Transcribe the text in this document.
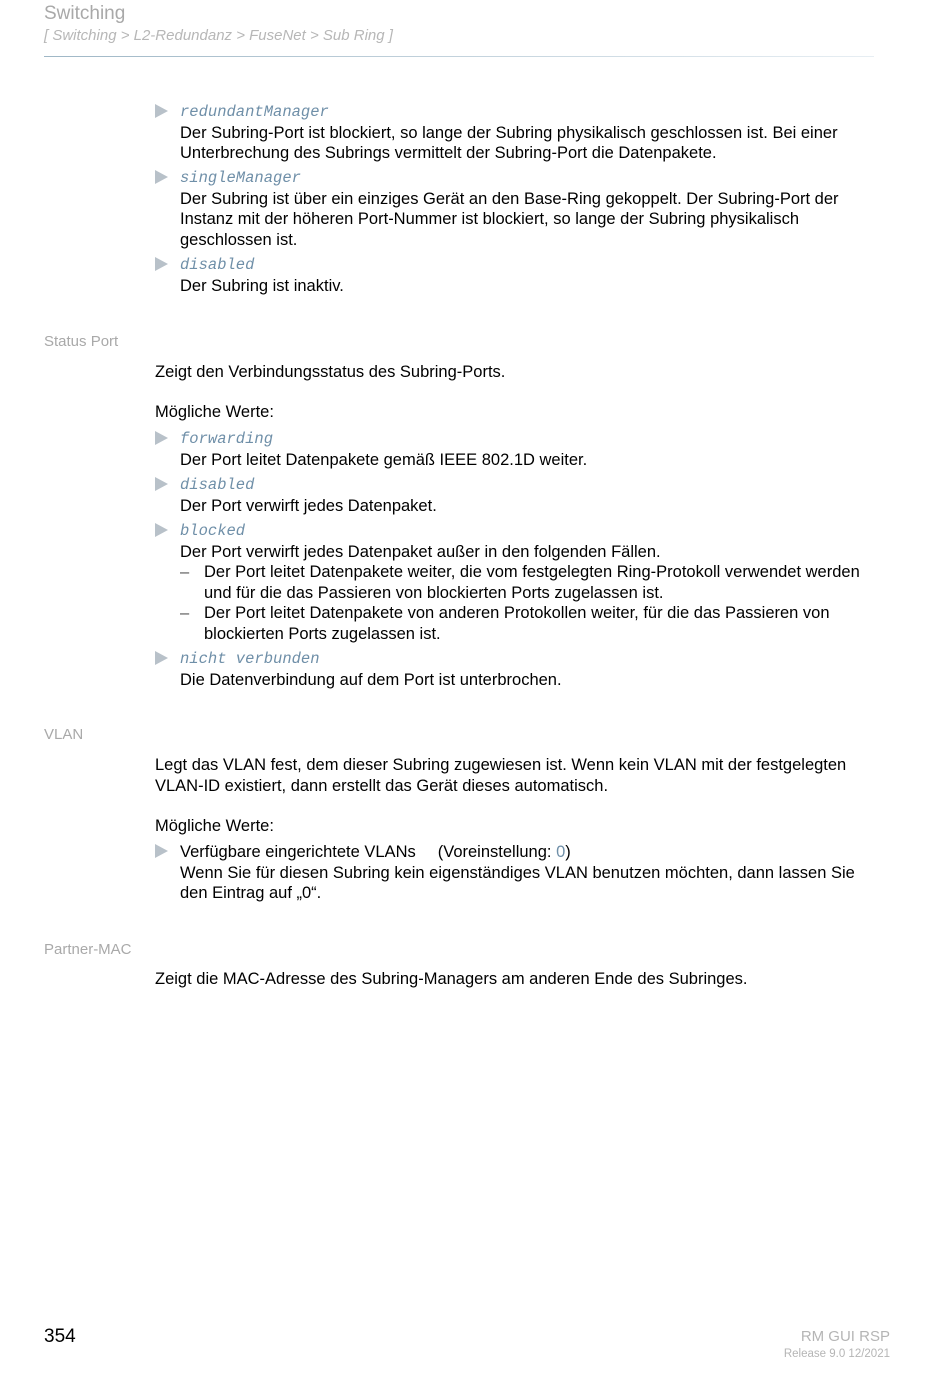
Switching
[ Switching > L2-Redundanz > FuseNet > Sub Ring ]
redundantManager
Der Subring-Port ist blockiert, so lange der Subring physikalisch geschlossen ist. Bei einer
Unterbrechung des Subrings vermittelt der Subring-Port die Datenpakete.
singleManager
Der Subring ist über ein einziges Gerät an den Base-Ring gekoppelt. Der Subring-Port der
Instanz mit der höheren Port-Nummer ist blockiert, so lange der Subring physikalisch
geschlossen ist.
disabled
Der Subring ist inaktiv.
Status Port
Zeigt den Verbindungsstatus des Subring-Ports.
Mögliche Werte:
forwarding
Der Port leitet Datenpakete gemäß IEEE 802.1D weiter.
disabled
Der Port verwirft jedes Datenpaket.
blocked
Der Port verwirft jedes Datenpaket außer in den folgenden Fällen.
– Der Port leitet Datenpakete weiter, die vom festgelegten Ring-Protokoll verwendet werden
und für die das Passieren von blockierten Ports zugelassen ist.
– Der Port leitet Datenpakete von anderen Protokollen weiter, für die das Passieren von
blockierten Ports zugelassen ist.
nicht verbunden
Die Datenverbindung auf dem Port ist unterbrochen.
VLAN
Legt das VLAN fest, dem dieser Subring zugewiesen ist. Wenn kein VLAN mit der festgelegten
VLAN-ID existiert, dann erstellt das Gerät dieses automatisch.
Mögliche Werte:
Verfügbare eingerichtete VLANs (Voreinstellung: 0)
Wenn Sie für diesen Subring kein eigenständiges VLAN benutzen möchten, dann lassen Sie
den Eintrag auf „0“.
Partner-MAC
Zeigt die MAC-Adresse des Subring-Managers am anderen Ende des Subringes.
354	RM GUI RSP
Release 9.0 12/2021
